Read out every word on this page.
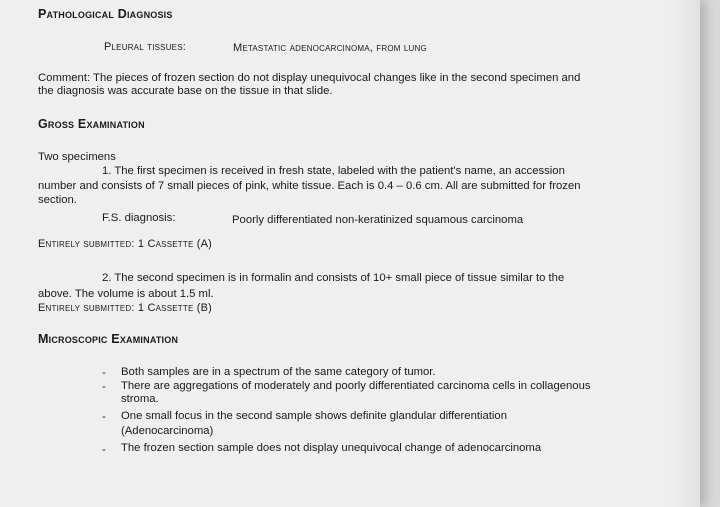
Pathological Diagnosis
Pleural tissues:	Metastatic adenocarcinoma, from lung
Comment: The pieces of frozen section do not display unequivocal changes like in the second specimen and
the diagnosis was accurate base on the tissue in that slide.
Gross Examination
Two specimens
1. The first specimen is received in fresh state, labeled with the patient's name, an accession
number and consists of 7 small pieces of pink, white tissue. Each is 0.4 – 0.6 cm. All are submitted for frozen
section.
F.S. diagnosis:	Poorly differentiated non-keratinized squamous carcinoma
Entirely submitted: 1 Cassette (A)
2. The second specimen is in formalin and consists of 10+ small piece of tissue similar to the
above. The volume is about 1.5 ml.
Entirely submitted: 1 Cassette (B)
Microscopic Examination
- Both samples are in a spectrum of the same category of tumor.
- There are aggregations of moderately and poorly differentiated carcinoma cells in collagenous
stroma.
- One small focus in the second sample shows definite glandular differentiation
(Adenocarcinoma)
- The frozen section sample does not display unequivocal change of adenocarcinoma
